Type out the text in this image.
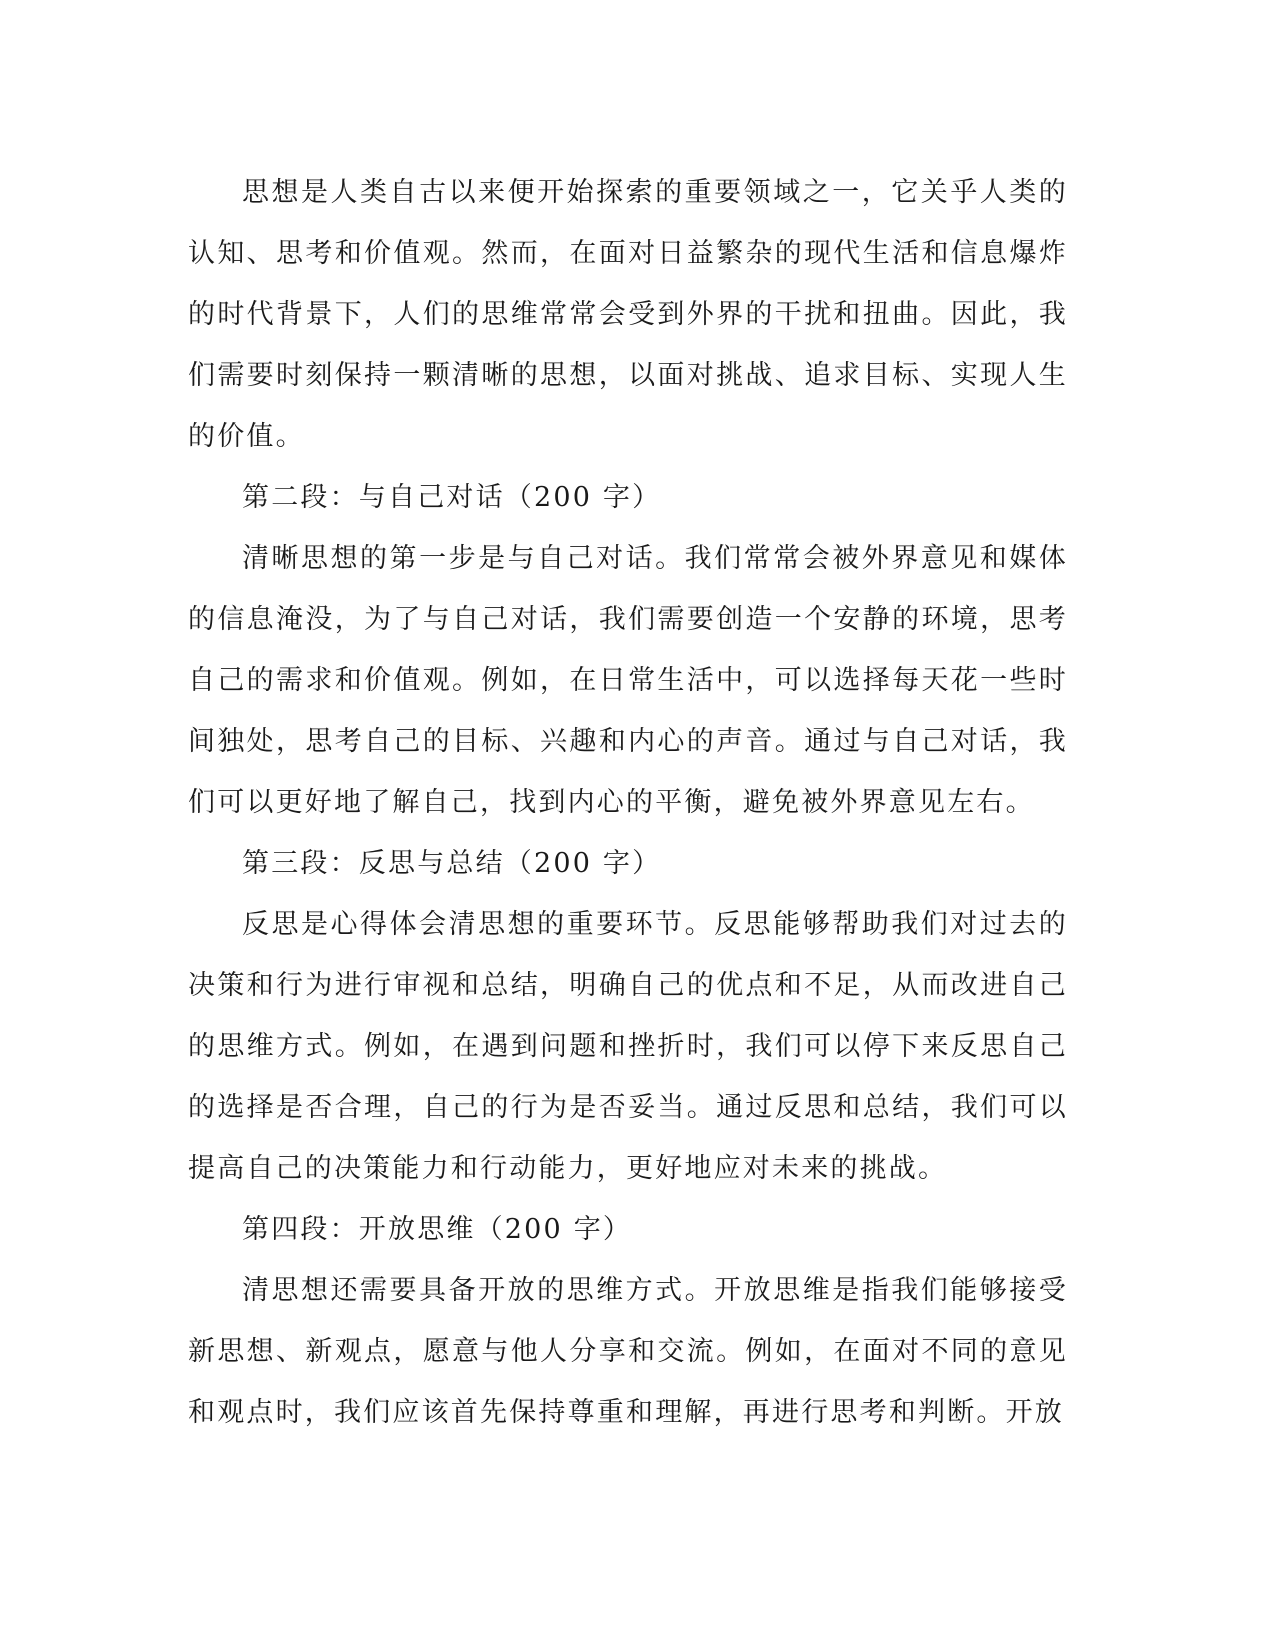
思想是人类自古以来便开始探索的重要领域之一，它关乎人类的认知、思考和价值观。然而，在面对日益繁杂的现代生活和信息爆炸的时代背景下，人们的思维常常会受到外界的干扰和扭曲。因此，我们需要时刻保持一颗清晰的思想，以面对挑战、追求目标、实现人生的价值。

第二段：与自己对话（200 字）

清晰思想的第一步是与自己对话。我们常常会被外界意见和媒体的信息淹没，为了与自己对话，我们需要创造一个安静的环境，思考自己的需求和价值观。例如，在日常生活中，可以选择每天花一些时间独处，思考自己的目标、兴趣和内心的声音。通过与自己对话，我们可以更好地了解自己，找到内心的平衡，避免被外界意见左右。

第三段：反思与总结（200 字）

反思是心得体会清思想的重要环节。反思能够帮助我们对过去的决策和行为进行审视和总结，明确自己的优点和不足，从而改进自己的思维方式。例如，在遇到问题和挫折时，我们可以停下来反思自己的选择是否合理，自己的行为是否妥当。通过反思和总结，我们可以提高自己的决策能力和行动能力，更好地应对未来的挑战。

第四段：开放思维（200 字）

清思想还需要具备开放的思维方式。开放思维是指我们能够接受新思想、新观点，愿意与他人分享和交流。例如，在面对不同的意见和观点时，我们应该首先保持尊重和理解，再进行思考和判断。开放
